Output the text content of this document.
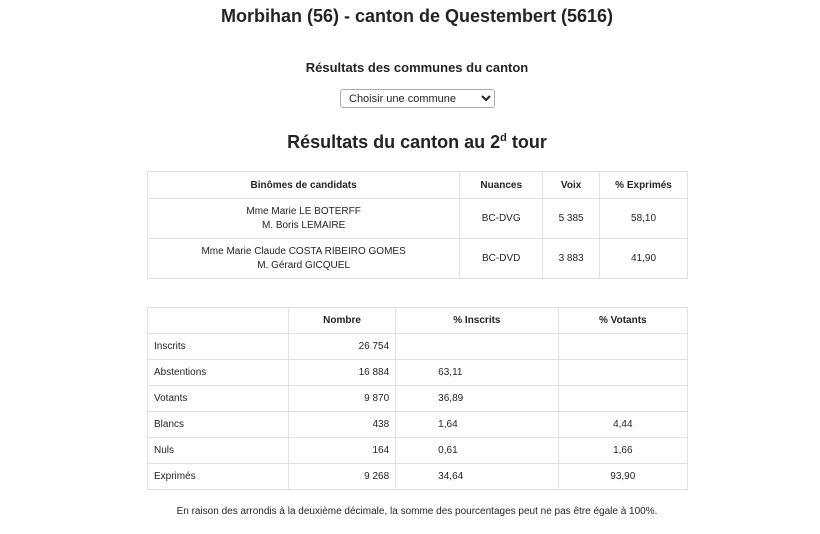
Morbihan (56) - canton de Questembert (5616)
Résultats des communes du canton
Choisir une commune
Résultats du canton au 2$^d$ tour
Binômes de candidats	Nuances	Voix	% Exprimés
Mme Marie LE BOTERFF
M. Boris LEMAIRE	BC-DVG	5 385	58,10
Mme Marie Claude COSTA RIBEIRO GOMES
M. Gérard GICQUEL	BC-DVD	3 883	41,90
	Nombre	% Inscrits	% Votants
Inscrits	26 754		
Abstentions	16 884	63,11	
Votants	9 870	36,89	
Blancs	438	1,64	4,44
Nuls	164	0,61	1,66
Exprimés	9 268	34,64	93,90
En raison des arrondis à la deuxième décimale, la somme des pourcentages peut ne pas être égale à 100%.
